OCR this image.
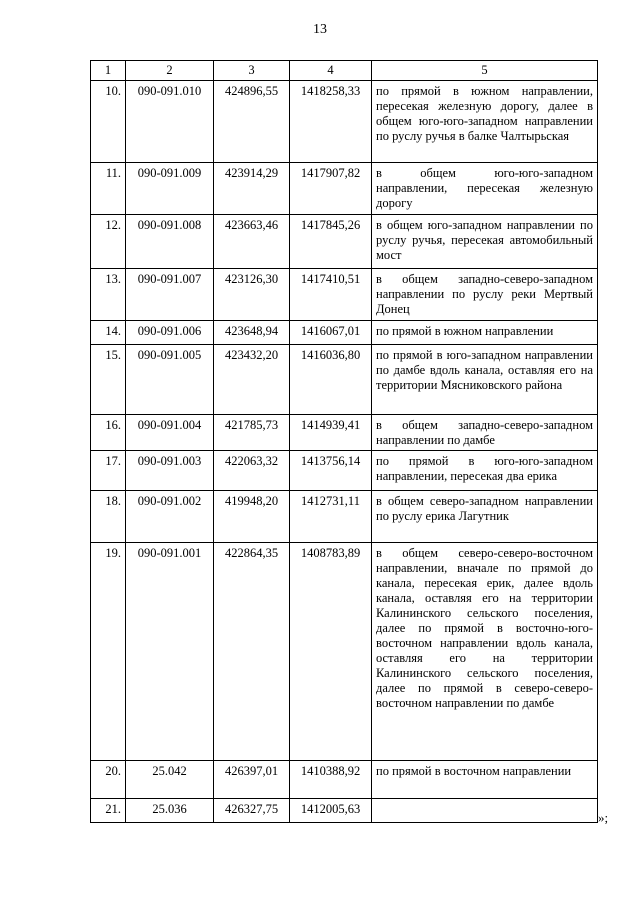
13
1	2	3	4	5
10.	090-091.010	424896,55	1418258,33	по прямой в южном направлении, пересекая железную дорогу, далее в общем юго-юго-западном направлении по руслу ручья в балке Чалтырьская
11.	090-091.009	423914,29	1417907,82	в общем юго-юго-западном направлении, пересекая железную дорогу
12.	090-091.008	423663,46	1417845,26	в общем юго-западном направлении по руслу ручья, пересекая автомобильный мост
13.	090-091.007	423126,30	1417410,51	в общем западно-северо-западном направлении по руслу реки Мертвый Донец
14.	090-091.006	423648,94	1416067,01	по прямой в южном направлении
15.	090-091.005	423432,20	1416036,80	по прямой в юго-западном направлении по дамбе вдоль канала, оставляя его на территории Мясниковского района
16.	090-091.004	421785,73	1414939,41	в общем западно-северо-западном направлении по дамбе
17.	090-091.003	422063,32	1413756,14	по прямой в юго-юго-западном направлении, пересекая два ерика
18.	090-091.002	419948,20	1412731,11	в общем северо-западном направлении по руслу ерика Лагутник
19.	090-091.001	422864,35	1408783,89	в общем северо-северо-восточном направлении, вначале по прямой до канала, пересекая ерик, далее вдоль канала, оставляя его на территории Калининского сельского поселения, далее по прямой в восточно-юго-восточном направлении вдоль канала, оставляя его на территории Калининского сельского поселения, далее по прямой в северо-северо-восточном направлении по дамбе
20.	25.042	426397,01	1410388,92	по прямой в восточном направлении
21.	25.036	426327,75	1412005,63	
»;
